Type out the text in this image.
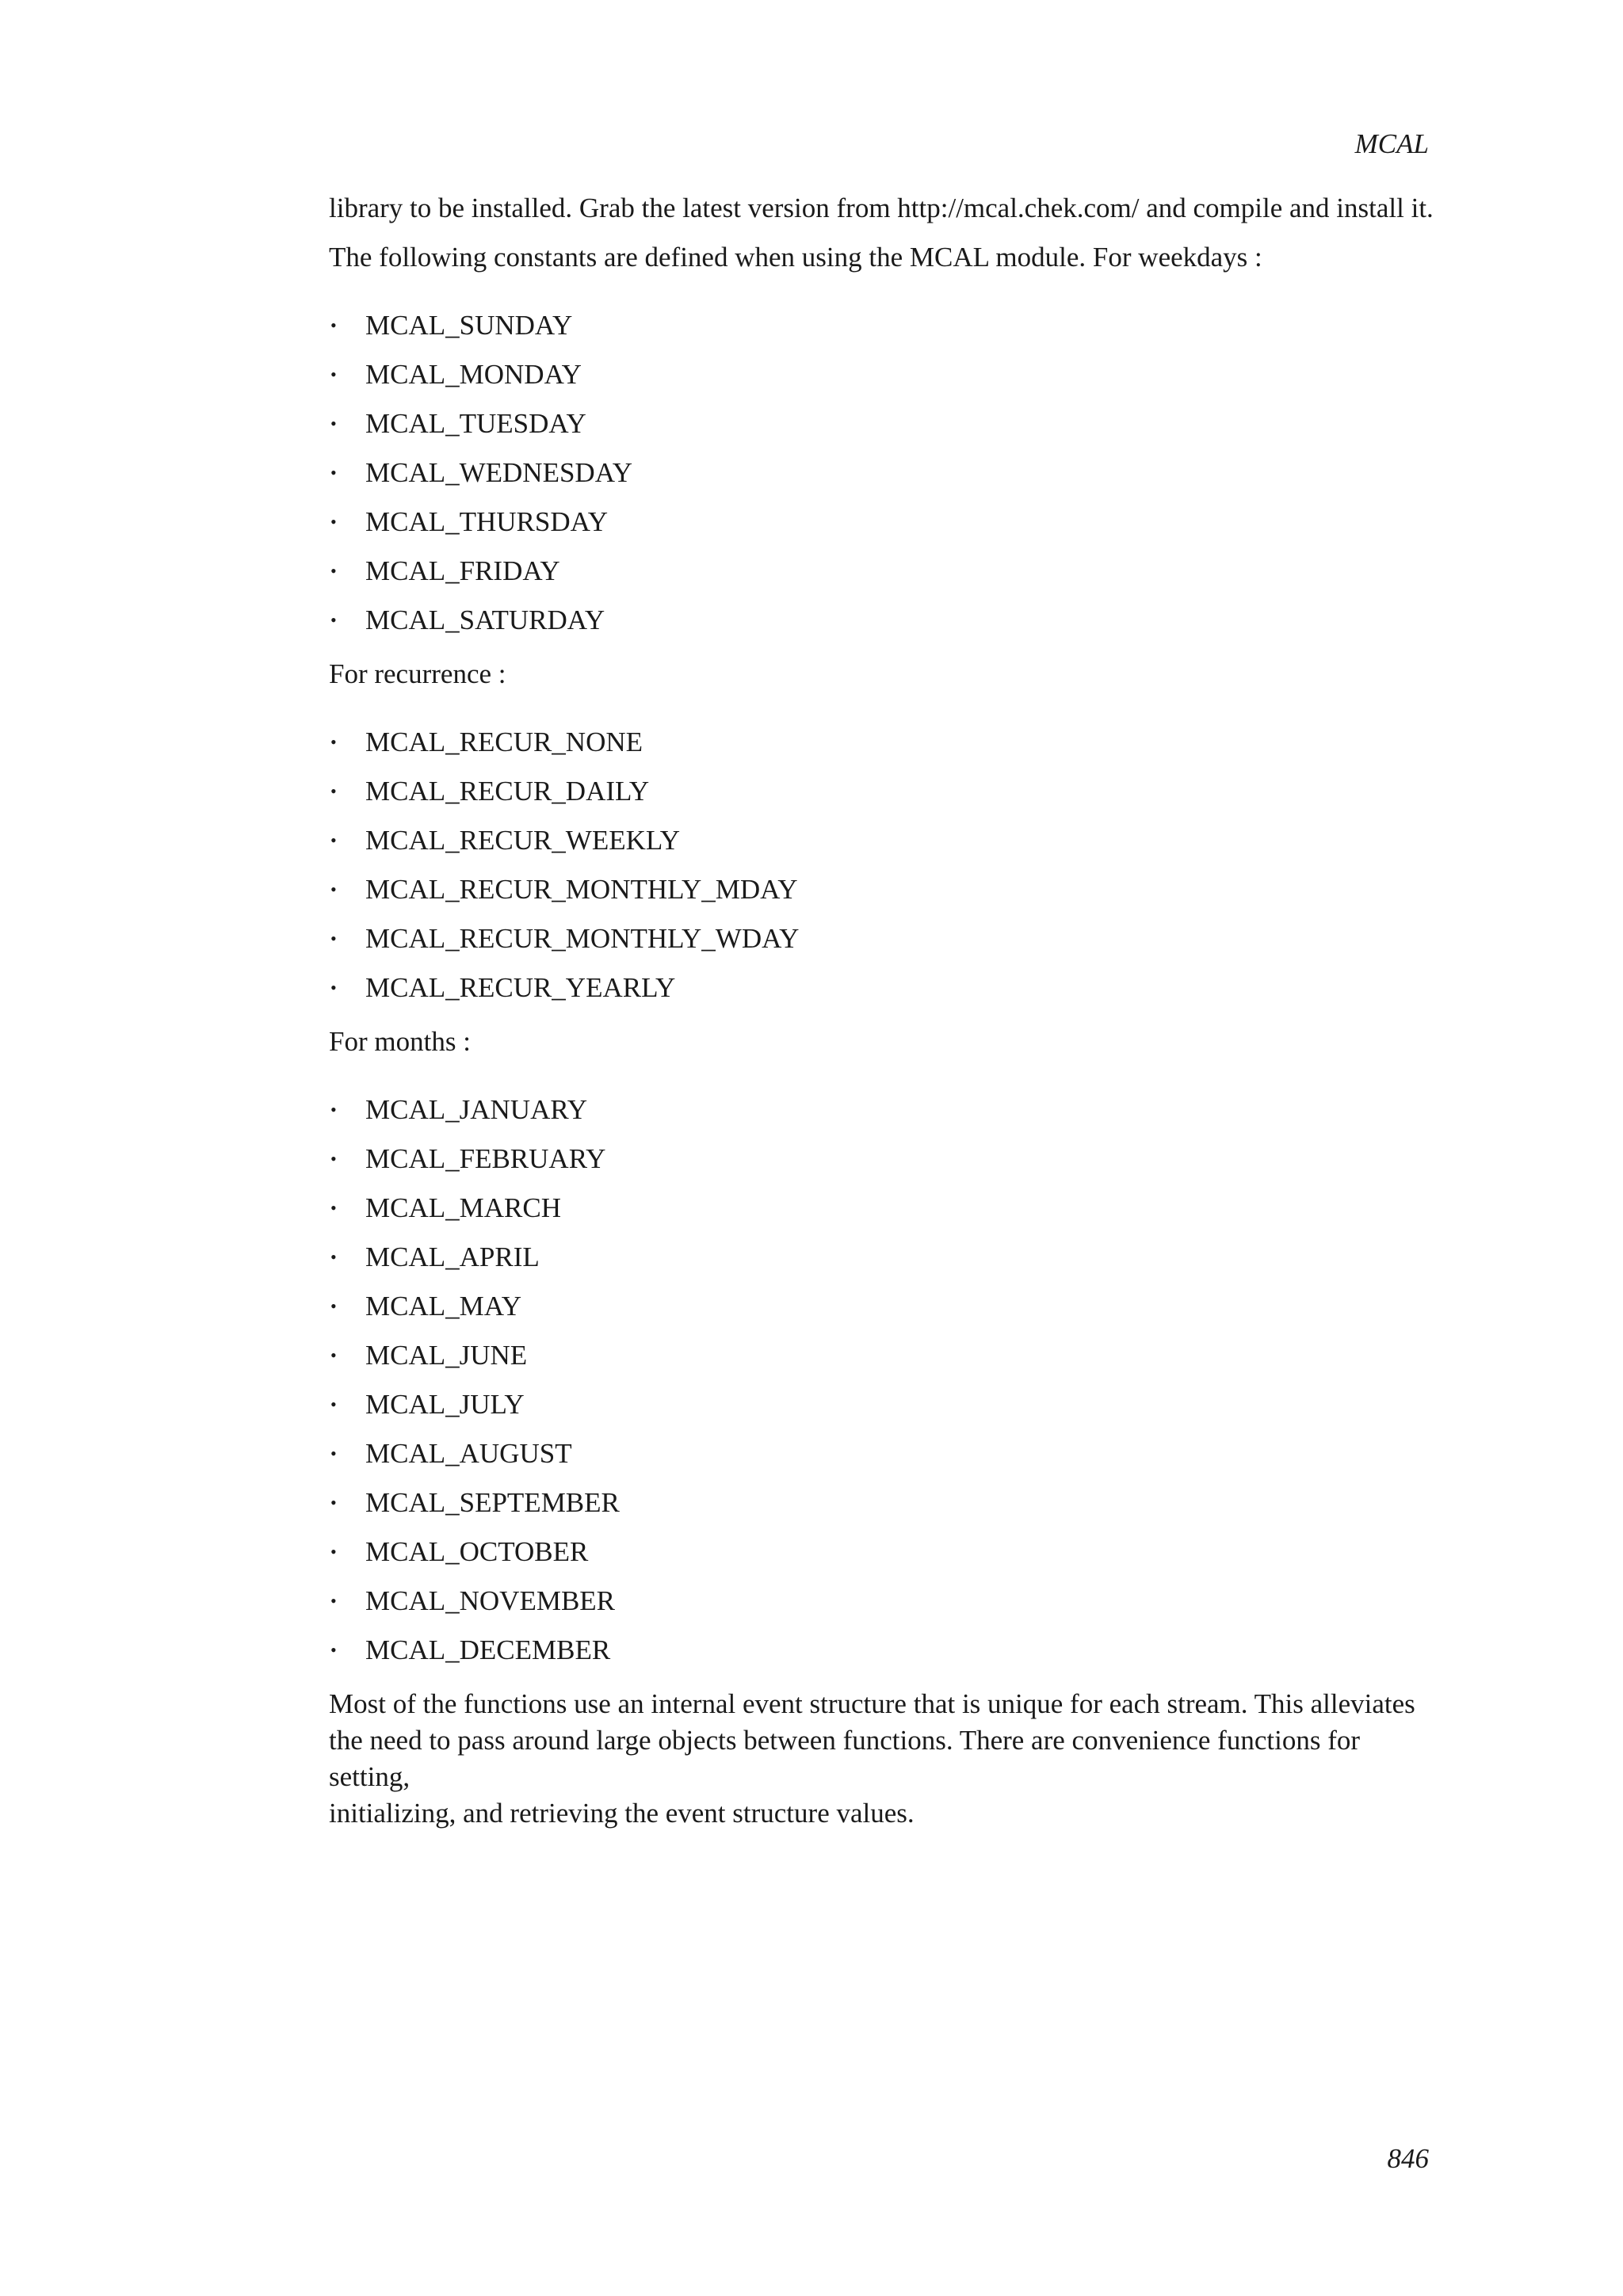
MCAL

library to be installed. Grab the latest version from http://mcal.chek.com/ and compile and install it.

The following constants are defined when using the MCAL module. For weekdays :

•	MCAL_SUNDAY
•	MCAL_MONDAY
•	MCAL_TUESDAY
•	MCAL_WEDNESDAY
•	MCAL_THURSDAY
•	MCAL_FRIDAY
•	MCAL_SATURDAY

For recurrence :

•	MCAL_RECUR_NONE
•	MCAL_RECUR_DAILY
•	MCAL_RECUR_WEEKLY
•	MCAL_RECUR_MONTHLY_MDAY
•	MCAL_RECUR_MONTHLY_WDAY
•	MCAL_RECUR_YEARLY

For months :

•	MCAL_JANUARY
•	MCAL_FEBRUARY
•	MCAL_MARCH
•	MCAL_APRIL
•	MCAL_MAY
•	MCAL_JUNE
•	MCAL_JULY
•	MCAL_AUGUST
•	MCAL_SEPTEMBER
•	MCAL_OCTOBER
•	MCAL_NOVEMBER
•	MCAL_DECEMBER
Most of the functions use an internal event structure that is unique for each stream. This alleviates
the need to pass around large objects between functions. There are convenience functions for setting,
initializing, and retrieving the event structure values.
846
